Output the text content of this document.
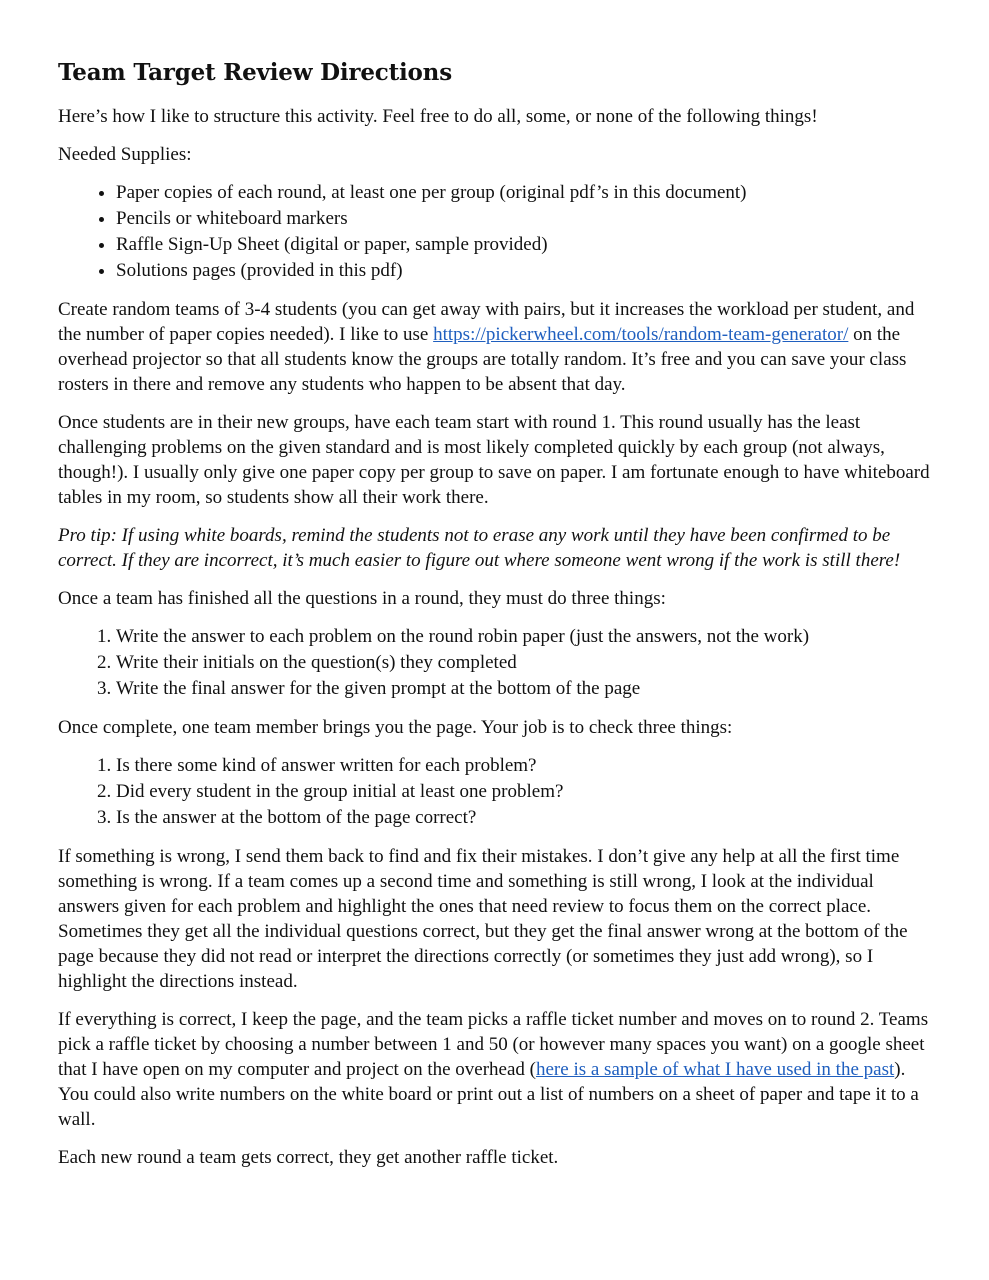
Team Target Review Directions

Here’s how I like to structure this activity. Feel free to do all, some, or none of the following things!

Needed Supplies:

• Paper copies of each round, at least one per group (original pdf’s in this document)
• Pencils or whiteboard markers
• Raffle Sign-Up Sheet (digital or paper, sample provided)
• Solutions pages (provided in this pdf)

Create random teams of 3-4 students (you can get away with pairs, but it increases the workload per student, and the number of paper copies needed). I like to use https://pickerwheel.com/tools/random-team-generator/ on the overhead projector so that all students know the groups are totally random. It’s free and you can save your class rosters in there and remove any students who happen to be absent that day.

Once students are in their new groups, have each team start with round 1. This round usually has the least challenging problems on the given standard and is most likely completed quickly by each group (not always, though!). I usually only give one paper copy per group to save on paper. I am fortunate enough to have whiteboard tables in my room, so students show all their work there.

Pro tip: If using white boards, remind the students not to erase any work until they have been confirmed to be correct. If they are incorrect, it’s much easier to figure out where someone went wrong if the work is still there!

Once a team has finished all the questions in a round, they must do three things:

1. Write the answer to each problem on the round robin paper (just the answers, not the work)
2. Write their initials on the question(s) they completed
3. Write the final answer for the given prompt at the bottom of the page

Once complete, one team member brings you the page. Your job is to check three things:

1. Is there some kind of answer written for each problem?
2. Did every student in the group initial at least one problem?
3. Is the answer at the bottom of the page correct?

If something is wrong, I send them back to find and fix their mistakes. I don’t give any help at all the first time something is wrong. If a team comes up a second time and something is still wrong, I look at the individual answers given for each problem and highlight the ones that need review to focus them on the correct place. Sometimes they get all the individual questions correct, but they get the final answer wrong at the bottom of the page because they did not read or interpret the directions correctly (or sometimes they just add wrong), so I highlight the directions instead.

If everything is correct, I keep the page, and the team picks a raffle ticket number and moves on to round 2. Teams pick a raffle ticket by choosing a number between 1 and 50 (or however many spaces you want) on a google sheet that I have open on my computer and project on the overhead (here is a sample of what I have used in the past). You could also write numbers on the white board or print out a list of numbers on a sheet of paper and tape it to a wall.

Each new round a team gets correct, they get another raffle ticket.
